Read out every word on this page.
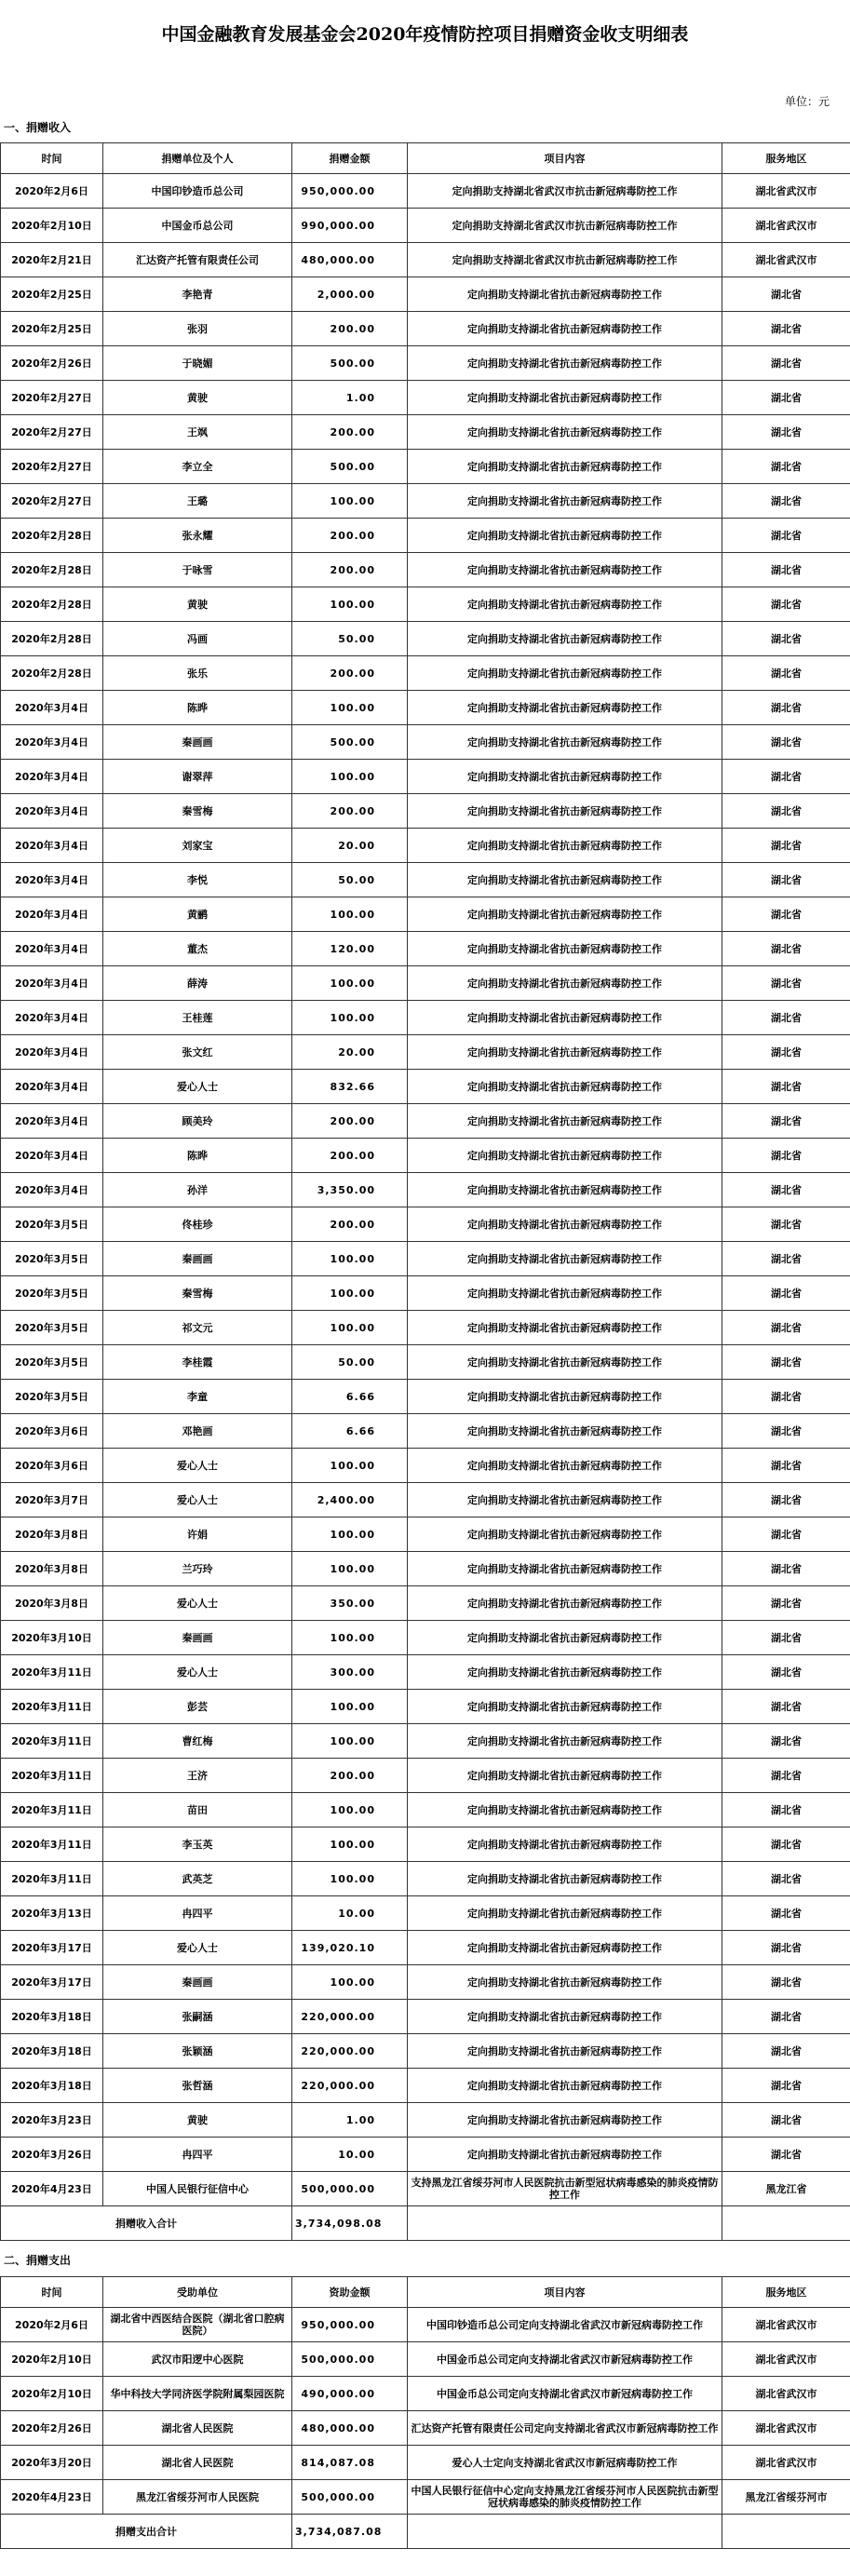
中国金融教育发展基金会2020年疫情防控项目捐赠资金收支明细表
单位：元
一、捐赠收入
时间	捐赠单位及个人	捐赠金额	项目内容	服务地区
2020年2月6日	中国印钞造币总公司	950,000.00	定向捐助支持湖北省武汉市抗击新冠病毒防控工作	湖北省武汉市
2020年2月10日	中国金币总公司	990,000.00	定向捐助支持湖北省武汉市抗击新冠病毒防控工作	湖北省武汉市
2020年2月21日	汇达资产托管有限责任公司	480,000.00	定向捐助支持湖北省武汉市抗击新冠病毒防控工作	湖北省武汉市
2020年2月25日	李艳青	2,000.00	定向捐助支持湖北省抗击新冠病毒防控工作	湖北省
2020年2月25日	张羽	200.00	定向捐助支持湖北省抗击新冠病毒防控工作	湖北省
2020年2月26日	于晓媚	500.00	定向捐助支持湖北省抗击新冠病毒防控工作	湖北省
2020年2月27日	黄驶	1.00	定向捐助支持湖北省抗击新冠病毒防控工作	湖北省
2020年2月27日	王飒	200.00	定向捐助支持湖北省抗击新冠病毒防控工作	湖北省
2020年2月27日	李立全	500.00	定向捐助支持湖北省抗击新冠病毒防控工作	湖北省
2020年2月27日	王璐	100.00	定向捐助支持湖北省抗击新冠病毒防控工作	湖北省
2020年2月28日	张永耀	200.00	定向捐助支持湖北省抗击新冠病毒防控工作	湖北省
2020年2月28日	于咏雪	200.00	定向捐助支持湖北省抗击新冠病毒防控工作	湖北省
2020年2月28日	黄驶	100.00	定向捐助支持湖北省抗击新冠病毒防控工作	湖北省
2020年2月28日	冯画	50.00	定向捐助支持湖北省抗击新冠病毒防控工作	湖北省
2020年2月28日	张乐	200.00	定向捐助支持湖北省抗击新冠病毒防控工作	湖北省
2020年3月4日	陈晔	100.00	定向捐助支持湖北省抗击新冠病毒防控工作	湖北省
2020年3月4日	秦画画	500.00	定向捐助支持湖北省抗击新冠病毒防控工作	湖北省
2020年3月4日	谢翠萍	100.00	定向捐助支持湖北省抗击新冠病毒防控工作	湖北省
2020年3月4日	秦雪梅	200.00	定向捐助支持湖北省抗击新冠病毒防控工作	湖北省
2020年3月4日	刘家宝	20.00	定向捐助支持湖北省抗击新冠病毒防控工作	湖北省
2020年3月4日	李悦	50.00	定向捐助支持湖北省抗击新冠病毒防控工作	湖北省
2020年3月4日	黄鹂	100.00	定向捐助支持湖北省抗击新冠病毒防控工作	湖北省
2020年3月4日	董杰	120.00	定向捐助支持湖北省抗击新冠病毒防控工作	湖北省
2020年3月4日	薛涛	100.00	定向捐助支持湖北省抗击新冠病毒防控工作	湖北省
2020年3月4日	王桂莲	100.00	定向捐助支持湖北省抗击新冠病毒防控工作	湖北省
2020年3月4日	张文红	20.00	定向捐助支持湖北省抗击新冠病毒防控工作	湖北省
2020年3月4日	爱心人士	832.66	定向捐助支持湖北省抗击新冠病毒防控工作	湖北省
2020年3月4日	顾美玲	200.00	定向捐助支持湖北省抗击新冠病毒防控工作	湖北省
2020年3月4日	陈晔	200.00	定向捐助支持湖北省抗击新冠病毒防控工作	湖北省
2020年3月4日	孙洋	3,350.00	定向捐助支持湖北省抗击新冠病毒防控工作	湖北省
2020年3月5日	佟桂珍	200.00	定向捐助支持湖北省抗击新冠病毒防控工作	湖北省
2020年3月5日	秦画画	100.00	定向捐助支持湖北省抗击新冠病毒防控工作	湖北省
2020年3月5日	秦雪梅	100.00	定向捐助支持湖北省抗击新冠病毒防控工作	湖北省
2020年3月5日	祁文元	100.00	定向捐助支持湖北省抗击新冠病毒防控工作	湖北省
2020年3月5日	李桂霞	50.00	定向捐助支持湖北省抗击新冠病毒防控工作	湖北省
2020年3月5日	李童	6.66	定向捐助支持湖北省抗击新冠病毒防控工作	湖北省
2020年3月6日	邓艳画	6.66	定向捐助支持湖北省抗击新冠病毒防控工作	湖北省
2020年3月6日	爱心人士	100.00	定向捐助支持湖北省抗击新冠病毒防控工作	湖北省
2020年3月7日	爱心人士	2,400.00	定向捐助支持湖北省抗击新冠病毒防控工作	湖北省
2020年3月8日	许娟	100.00	定向捐助支持湖北省抗击新冠病毒防控工作	湖北省
2020年3月8日	兰巧玲	100.00	定向捐助支持湖北省抗击新冠病毒防控工作	湖北省
2020年3月8日	爱心人士	350.00	定向捐助支持湖北省抗击新冠病毒防控工作	湖北省
2020年3月10日	秦画画	100.00	定向捐助支持湖北省抗击新冠病毒防控工作	湖北省
2020年3月11日	爱心人士	300.00	定向捐助支持湖北省抗击新冠病毒防控工作	湖北省
2020年3月11日	彭芸	100.00	定向捐助支持湖北省抗击新冠病毒防控工作	湖北省
2020年3月11日	曹红梅	100.00	定向捐助支持湖北省抗击新冠病毒防控工作	湖北省
2020年3月11日	王济	200.00	定向捐助支持湖北省抗击新冠病毒防控工作	湖北省
2020年3月11日	苗田	100.00	定向捐助支持湖北省抗击新冠病毒防控工作	湖北省
2020年3月11日	李玉英	100.00	定向捐助支持湖北省抗击新冠病毒防控工作	湖北省
2020年3月11日	武英芝	100.00	定向捐助支持湖北省抗击新冠病毒防控工作	湖北省
2020年3月13日	冉四平	10.00	定向捐助支持湖北省抗击新冠病毒防控工作	湖北省
2020年3月17日	爱心人士	139,020.10	定向捐助支持湖北省抗击新冠病毒防控工作	湖北省
2020年3月17日	秦画画	100.00	定向捐助支持湖北省抗击新冠病毒防控工作	湖北省
2020年3月18日	张嗣涵	220,000.00	定向捐助支持湖北省抗击新冠病毒防控工作	湖北省
2020年3月18日	张颖涵	220,000.00	定向捐助支持湖北省抗击新冠病毒防控工作	湖北省
2020年3月18日	张哲涵	220,000.00	定向捐助支持湖北省抗击新冠病毒防控工作	湖北省
2020年3月23日	黄驶	1.00	定向捐助支持湖北省抗击新冠病毒防控工作	湖北省
2020年3月26日	冉四平	10.00	定向捐助支持湖北省抗击新冠病毒防控工作	湖北省
2020年4月23日	中国人民银行征信中心	500,000.00	支持黑龙江省绥芬河市人民医院抗击新型冠状病毒感染的肺炎疫情防控工作	黑龙江省
捐赠收入合计		3,734,098.08		
二、捐赠支出
时间	受助单位	资助金额	项目内容	服务地区
2020年2月6日	湖北省中西医结合医院（湖北省口腔病医院）	950,000.00	中国印钞造币总公司定向支持湖北省武汉市新冠病毒防控工作	湖北省武汉市
2020年2月10日	武汉市阳逻中心医院	500,000.00	中国金币总公司定向支持湖北省武汉市新冠病毒防控工作	湖北省武汉市
2020年2月10日	华中科技大学同济医学院附属梨园医院	490,000.00	中国金币总公司定向支持湖北省武汉市新冠病毒防控工作	湖北省武汉市
2020年2月26日	湖北省人民医院	480,000.00	汇达资产托管有限责任公司定向支持湖北省武汉市新冠病毒防控工作	湖北省武汉市
2020年3月20日	湖北省人民医院	814,087.08	爱心人士定向支持湖北省武汉市新冠病毒防控工作	湖北省武汉市
2020年4月23日	黑龙江省绥芬河市人民医院	500,000.00	中国人民银行征信中心定向支持黑龙江省绥芬河市人民医院抗击新型冠状病毒感染的肺炎疫情防控工作	黑龙江省绥芬河市
捐赠支出合计		3,734,087.08		
